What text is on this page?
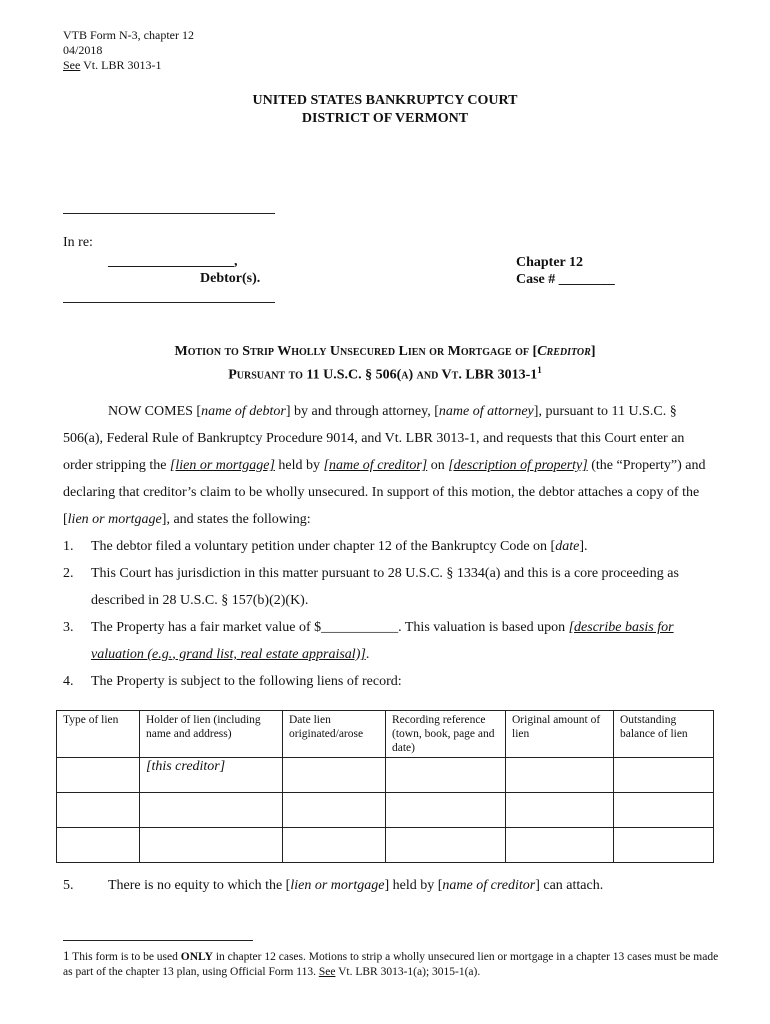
VTB Form N-3, chapter 12
04/2018
See Vt. LBR 3013-1
UNITED STATES BANKRUPTCY COURT
DISTRICT OF VERMONT
In re:
__________________,
Debtor(s).
Chapter 12
Case # ________
Motion to Strip Wholly Unsecured Lien or Mortgage of [Creditor]
Pursuant to 11 U.S.C. § 506(a) and Vt. LBR $3013-1^1$

NOW COMES [name of debtor] by and through attorney, [name of attorney], pursuant to 11 U.S.C. § 506(a), Federal Rule of Bankruptcy Procedure 9014, and Vt. LBR 3013-1, and requests that this Court enter an order stripping the [lien or mortgage] held by [name of creditor] on [description of property] (the “Property”) and declaring that creditor’s claim to be wholly unsecured. In support of this motion, the debtor attaches a copy of the [lien or mortgage], and states the following:

1.	The debtor filed a voluntary petition under chapter 12 of the Bankruptcy Code on [date].
2.	This Court has jurisdiction in this matter pursuant to 28 U.S.C. § 1334(a) and this is a core proceeding as described in 28 U.S.C. § 157(b)(2)(K).
3.	The Property has a fair market value of $___________. This valuation is based upon [describe basis for valuation (e.g., grand list, real estate appraisal)].
4.	The Property is subject to the following liens of record:
Type of lien	Holder of lien (including name and address)	Date lien originated/arose	Recording reference (town, book, page and date)	Original amount of lien	Outstanding balance of lien
	[this creditor]				

5. There is no equity to which the [lien or mortgage] held by [name of creditor] can attach.
1 This form is to be used ONLY in chapter 12 cases. Motions to strip a wholly unsecured lien or mortgage in a chapter 13 cases must be made as part of the chapter 13 plan, using Official Form 113. See Vt. LBR 3013-1(a); 3015-1(a).
